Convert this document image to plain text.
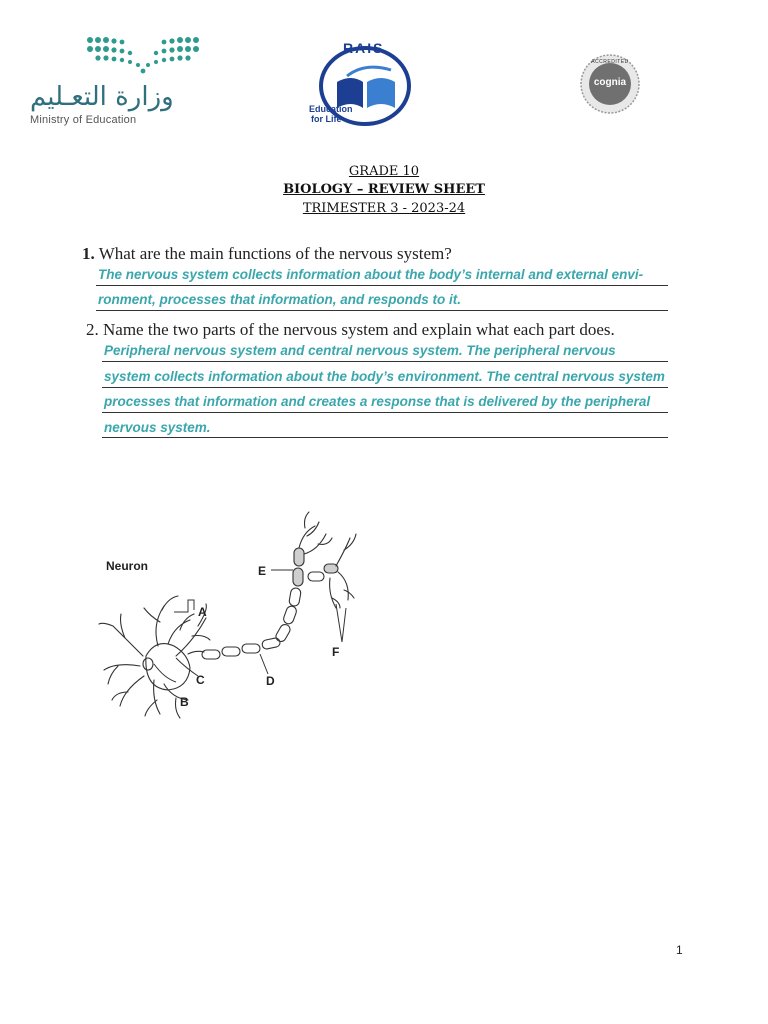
وزارة التعـليم
Ministry of Education
RAIS
Education
for Life
ACCREDITED
cognia
GRADE 10
BIOLOGY – REVIEW SHEET
TRIMESTER 3 - 2023-24
1. What are the main functions of the nervous system?
The nervous system collects information about the body’s internal and external envi-
ronment, processes that information, and responds to it.
2. Name the two parts of the nervous system and explain what each part does.
Peripheral nervous system and central nervous system. The peripheral nervous
system collects information about the body’s environment. The central nervous system
processes that information and creates a response that is delivered by the peripheral
nervous system.
Neuron
A
B
C	D
E
F
1
